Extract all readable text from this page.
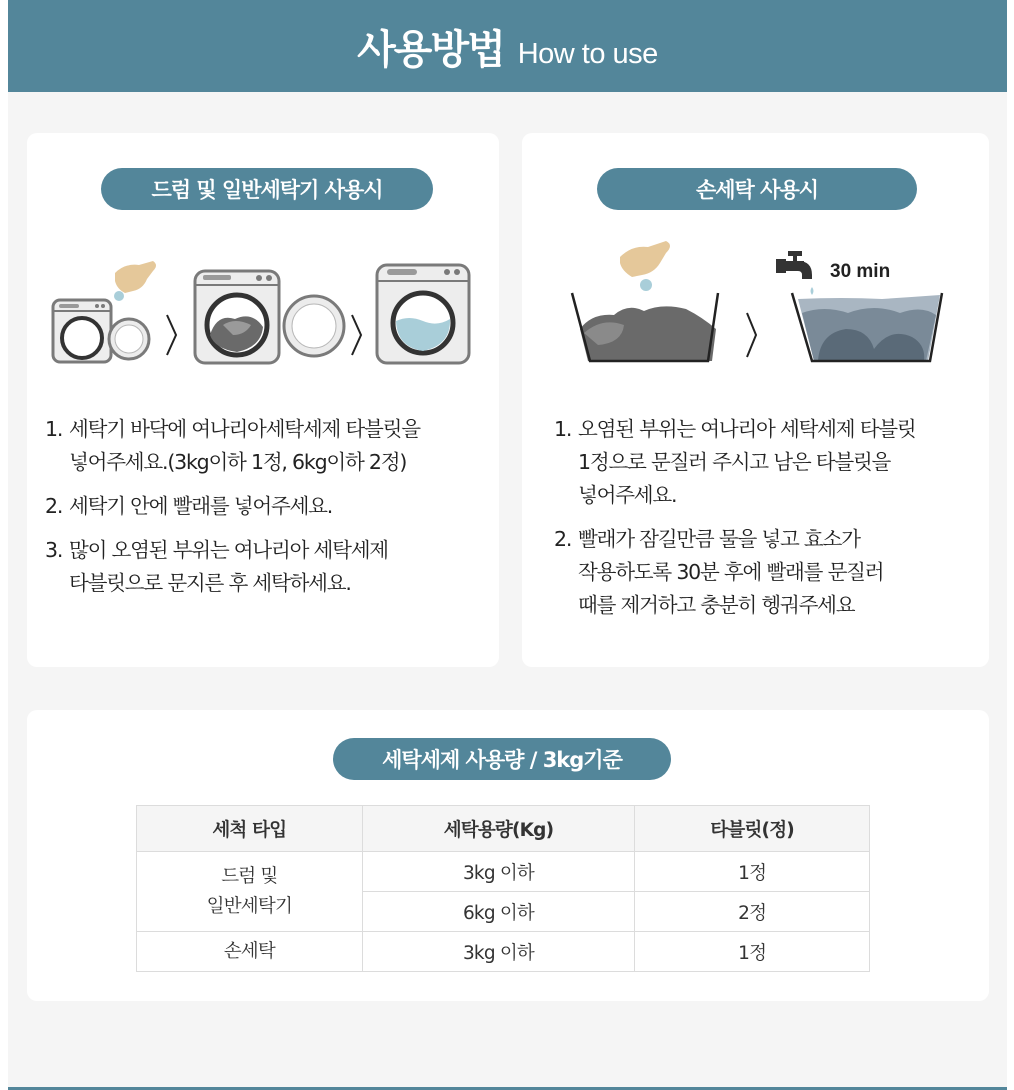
사용방법 How to use
드럼 및 일반세탁기 사용시
1. 세탁기 바닥에 여나리아세탁세제 타블릿을
넣어주세요.(3kg이하 1정, 6kg이하 2정)
2. 세탁기 안에 빨래를 넣어주세요.
3. 많이 오염된 부위는 여나리아 세탁세제
타블릿으로 문지른 후 세탁하세요.
손세탁 사용시
30 min
1. 오염된 부위는 여나리아 세탁세제 타블릿
1정으로 문질러 주시고 남은 타블릿을
넣어주세요.
2. 빨래가 잠길만큼 물을 넣고 효소가
작용하도록 30분 후에 빨래를 문질러
때를 제거하고 충분히 헹궈주세요
세탁세제 사용량 / 3kg기준
세척 타입	세탁용량(Kg)	타블릿(정)
드럼 및
일반세탁기	3kg 이하	1정
	6kg 이하	2정
손세탁	3kg 이하	1정
